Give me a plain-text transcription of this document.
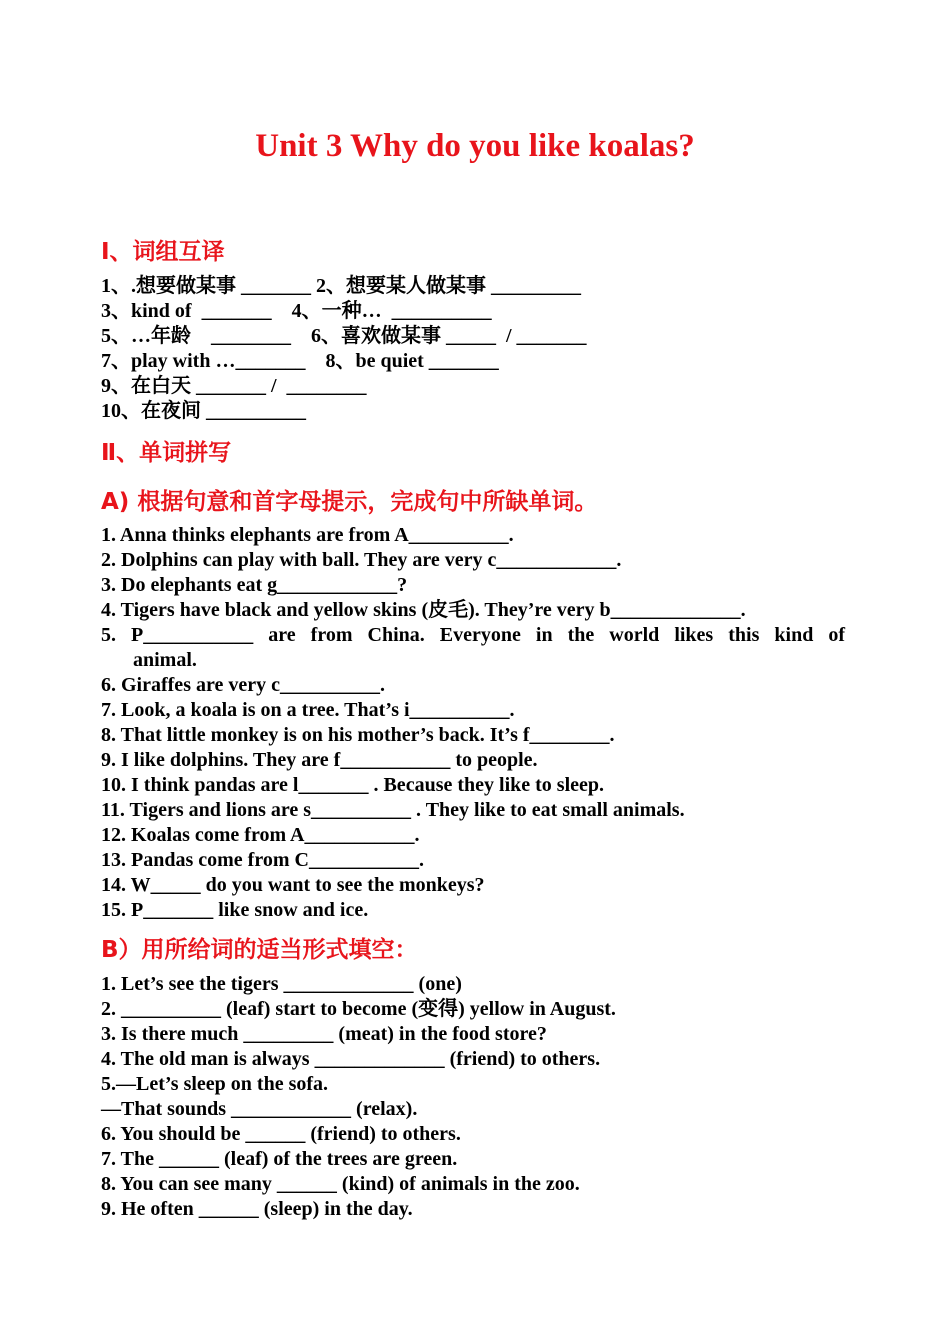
Unit 3 Why do you like koalas?
Ⅰ、词组互译
1、.想要做某事 _______ 2、想要某人做某事 _________
3、kind of  _______    4、一种…  __________
5、…年龄    ________    6、喜欢做某事 _____  / _______
7、play with …_______    8、be quiet _______
9、在白天 _______ /  ________
10、在夜间 __________
Ⅱ、单词拼写
A) 根据句意和首字母提示，完成句中所缺单词。
1. Anna thinks elephants are from A__________.
2. Dolphins can play with ball. They are very c____________.
3. Do elephants eat g____________?
4. Tigers have black and yellow skins (皮毛). They’re very b_____________.
5. P___________ are from China. Everyone in the world likes this kind of
animal.
6. Giraffes are very c__________.
7. Look, a koala is on a tree. That’s i__________.
8. That little monkey is on his mother’s back. It’s f________.
9. I like dolphins. They are f___________ to people.
10. I think pandas are l_______ . Because they like to sleep.
11. Tigers and lions are s__________ . They like to eat small animals.
12. Koalas come from A___________.
13. Pandas come from C___________.
14. W_____ do you want to see the monkeys?
15. P_______ like snow and ice.
B）用所给词的适当形式填空：
1. Let’s see the tigers _____________ (one)
2. __________ (leaf) start to become (变得) yellow in August.
3. Is there much _________ (meat) in the food store?
4. The old man is always _____________ (friend) to others.
5.—Let’s sleep on the sofa.
—That sounds ____________ (relax).
6. You should be ______ (friend) to others.
7. The ______ (leaf) of the trees are green.
8. You can see many ______ (kind) of animals in the zoo.
9. He often ______ (sleep) in the day.
